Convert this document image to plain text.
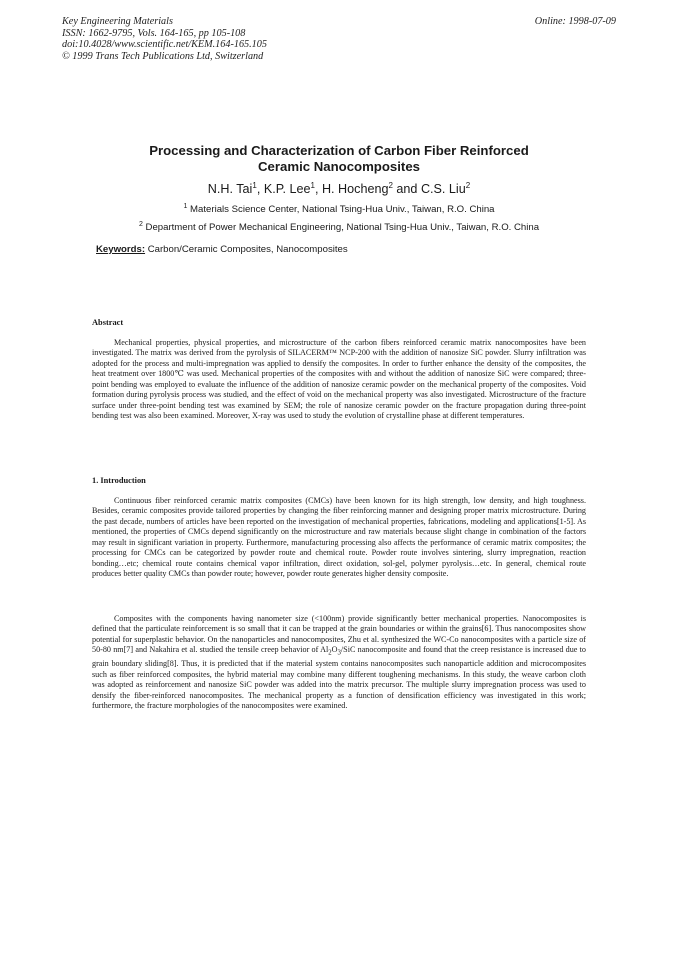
Key Engineering Materials
ISSN: 1662-9795, Vols. 164-165, pp 105-108
doi:10.4028/www.scientific.net/KEM.164-165.105
© 1999 Trans Tech Publications Ltd, Switzerland
Online: 1998-07-09
Processing and Characterization of Carbon Fiber Reinforced
Ceramic Nanocomposites
N.H. Tai$^1$, K.P. Lee$^1$, H. Hocheng$^2$ and C.S. Liu$^2$
$^1$ Materials Science Center, National Tsing-Hua Univ., Taiwan, R.O. China
$^2$ Department of Power Mechanical Engineering, National Tsing-Hua Univ., Taiwan, R.O. China
Keywords: Carbon/Ceramic Composites, Nanocomposites
Abstract

Mechanical properties, physical properties, and microstructure of the carbon fibers reinforced ceramic matrix nanocomposites have been investigated. The matrix was derived from the pyrolysis of SILACERM™ NCP-200 with the addition of nanosize SiC powder. Slurry infiltration was adopted for the process and multi-impregnation was applied to densify the composites. In order to further enhance the density of the composites, the heat treatment over 1800℃ was used. Mechanical properties of the composites with and without the addition of nanosize SiC were compared; three-point bending was employed to evaluate the influence of the addition of nanosize ceramic powder on the mechanical property of the composites. Void formation during pyrolysis process was studied, and the effect of void on the mechanical property was also investigated. Microstructure of the fracture surface under three-point bending test was examined by SEM; the role of nanosize ceramic powder on the fracture propagation during three-point bending test was also been examined. Moreover, X-ray was used to study the evolution of crystalline phase at different temperatures.

1. Introduction

Continuous fiber reinforced ceramic matrix composites (CMCs) have been known for its high strength, low density, and high toughness. Besides, ceramic composites provide tailored properties by changing the fiber reinforcing manner and designing proper matrix microstructure. During the past decade, numbers of articles have been reported on the investigation of mechanical properties, fabrications, modeling and applications[1-5]. As mentioned, the properties of CMCs depend significantly on the microstructure and raw materials because slight change in combination of the factors may result in significant variation in property. Furthermore, manufacturing processing also affects the performance of ceramic matrix composites; the processing for CMCs can be categorized by powder route and chemical route. Powder route involves sintering, slurry impregnation, reaction bonding…etc; chemical route contains chemical vapor infiltration, direct oxidation, sol-gel, polymer pyrolysis…etc. In general, chemical route produces better quality CMCs than powder route; however, powder route generates higher density composite.

Composites with the components having nanometer size (<100nm) provide significantly better mechanical properties. Nanocomposites is defined that the particulate reinforcement is so small that it can be trapped at the grain boundaries or within the grains[6]. Thus nanocomposites show potential for superplastic behavior. On the nanoparticles and nanocomposites, Zhu et al. synthesized the WC-Co nanocomposites with a particle size of 50-80 nm[7] and Nakahira et al. studied the tensile creep behavior of $Al_2O_3$/SiC nanocomposite and found that the creep resistance is increased due to grain boundary sliding[8]. Thus, it is predicted that if the material system contains nanocomposites such nanoparticle addition and microcomposites such as fiber reinforced composites, the hybrid material may combine many different toughening mechanisms. In this study, the weave carbon cloth was adopted as reinforcement and nanosize SiC powder was added into the matrix precursor. The multiple slurry impregnation process was used to densify the fiber-reinforced nanocomposites. The mechanical property as a function of densification efficiency was investigated in this work; furthermore, the fracture morphologies of the nanocomposites were examined.
